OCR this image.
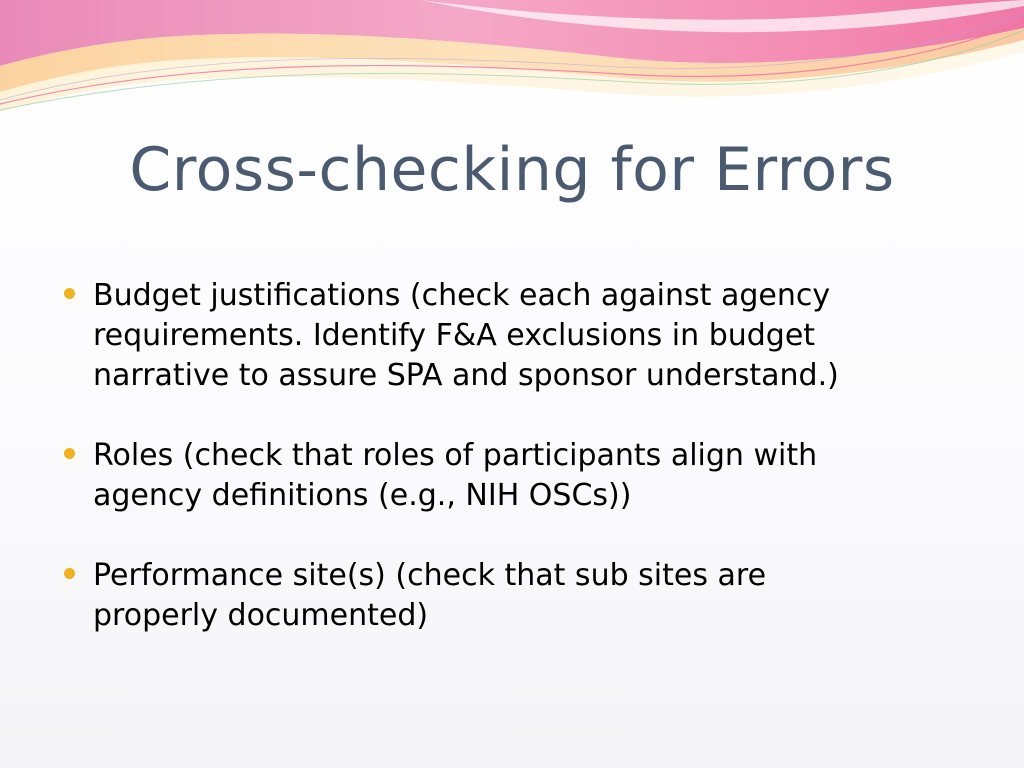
Cross-checking for Errors
Budget justifications (check each against agency
requirements. Identify F&A exclusions in budget
narrative to assure SPA and sponsor understand.)
Roles (check that roles of participants align with
agency definitions (e.g., NIH OSCs))
Performance site(s) (check that sub sites are
properly documented)
